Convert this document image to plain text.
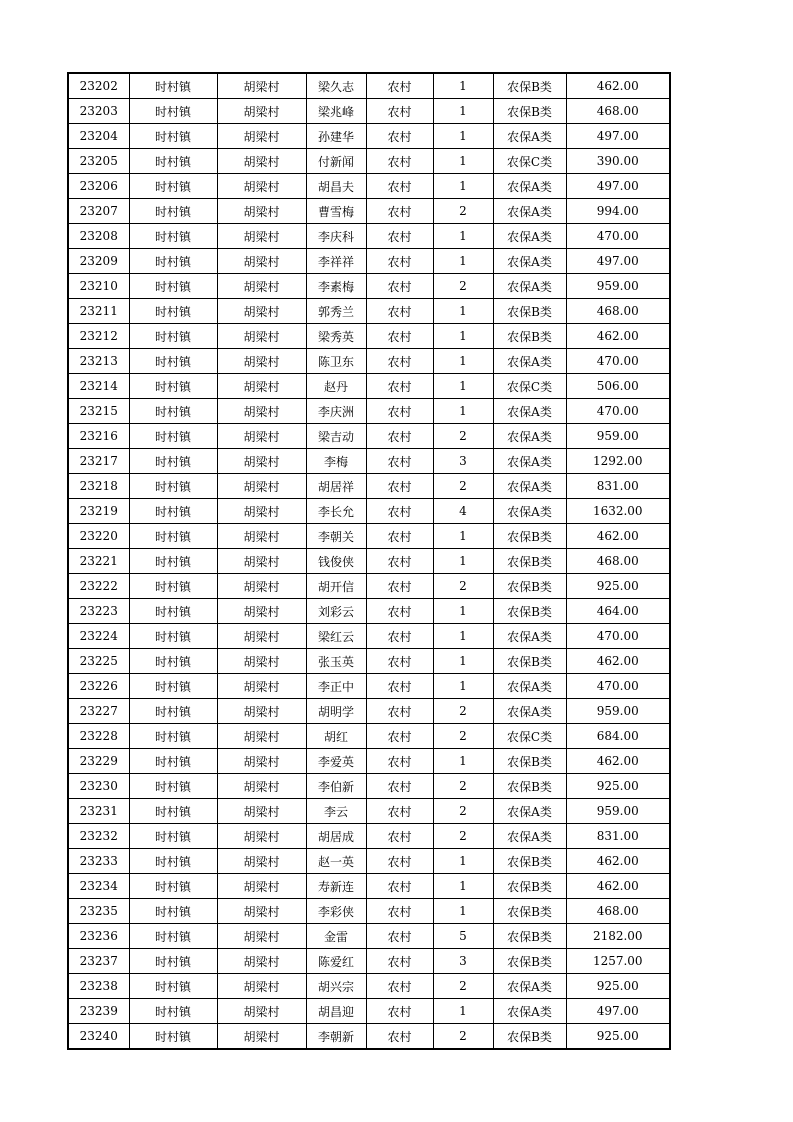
23202	时村镇	胡梁村	梁久志	农村	1	农保B类	462.00
23203	时村镇	胡梁村	梁兆峰	农村	1	农保B类	468.00
23204	时村镇	胡梁村	孙建华	农村	1	农保A类	497.00
23205	时村镇	胡梁村	付新闻	农村	1	农保C类	390.00
23206	时村镇	胡梁村	胡昌夫	农村	1	农保A类	497.00
23207	时村镇	胡梁村	曹雪梅	农村	2	农保A类	994.00
23208	时村镇	胡梁村	李庆科	农村	1	农保A类	470.00
23209	时村镇	胡梁村	李祥祥	农村	1	农保A类	497.00
23210	时村镇	胡梁村	李素梅	农村	2	农保A类	959.00
23211	时村镇	胡梁村	郭秀兰	农村	1	农保B类	468.00
23212	时村镇	胡梁村	梁秀英	农村	1	农保B类	462.00
23213	时村镇	胡梁村	陈卫东	农村	1	农保A类	470.00
23214	时村镇	胡梁村	赵丹	农村	1	农保C类	506.00
23215	时村镇	胡梁村	李庆洲	农村	1	农保A类	470.00
23216	时村镇	胡梁村	梁吉动	农村	2	农保A类	959.00
23217	时村镇	胡梁村	李梅	农村	3	农保A类	1292.00
23218	时村镇	胡梁村	胡居祥	农村	2	农保A类	831.00
23219	时村镇	胡梁村	李长允	农村	4	农保A类	1632.00
23220	时村镇	胡梁村	李朝关	农村	1	农保B类	462.00
23221	时村镇	胡梁村	钱俊侠	农村	1	农保B类	468.00
23222	时村镇	胡梁村	胡开信	农村	2	农保B类	925.00
23223	时村镇	胡梁村	刘彩云	农村	1	农保B类	464.00
23224	时村镇	胡梁村	梁红云	农村	1	农保A类	470.00
23225	时村镇	胡梁村	张玉英	农村	1	农保B类	462.00
23226	时村镇	胡梁村	李正中	农村	1	农保A类	470.00
23227	时村镇	胡梁村	胡明学	农村	2	农保A类	959.00
23228	时村镇	胡梁村	胡红	农村	2	农保C类	684.00
23229	时村镇	胡梁村	李爱英	农村	1	农保B类	462.00
23230	时村镇	胡梁村	李伯新	农村	2	农保B类	925.00
23231	时村镇	胡梁村	李云	农村	2	农保A类	959.00
23232	时村镇	胡梁村	胡居成	农村	2	农保A类	831.00
23233	时村镇	胡梁村	赵一英	农村	1	农保B类	462.00
23234	时村镇	胡梁村	寿新连	农村	1	农保B类	462.00
23235	时村镇	胡梁村	李彩侠	农村	1	农保B类	468.00
23236	时村镇	胡梁村	金雷	农村	5	农保B类	2182.00
23237	时村镇	胡梁村	陈爱红	农村	3	农保B类	1257.00
23238	时村镇	胡梁村	胡兴宗	农村	2	农保A类	925.00
23239	时村镇	胡梁村	胡昌迎	农村	1	农保A类	497.00
23240	时村镇	胡梁村	李朝新	农村	2	农保B类	925.00
